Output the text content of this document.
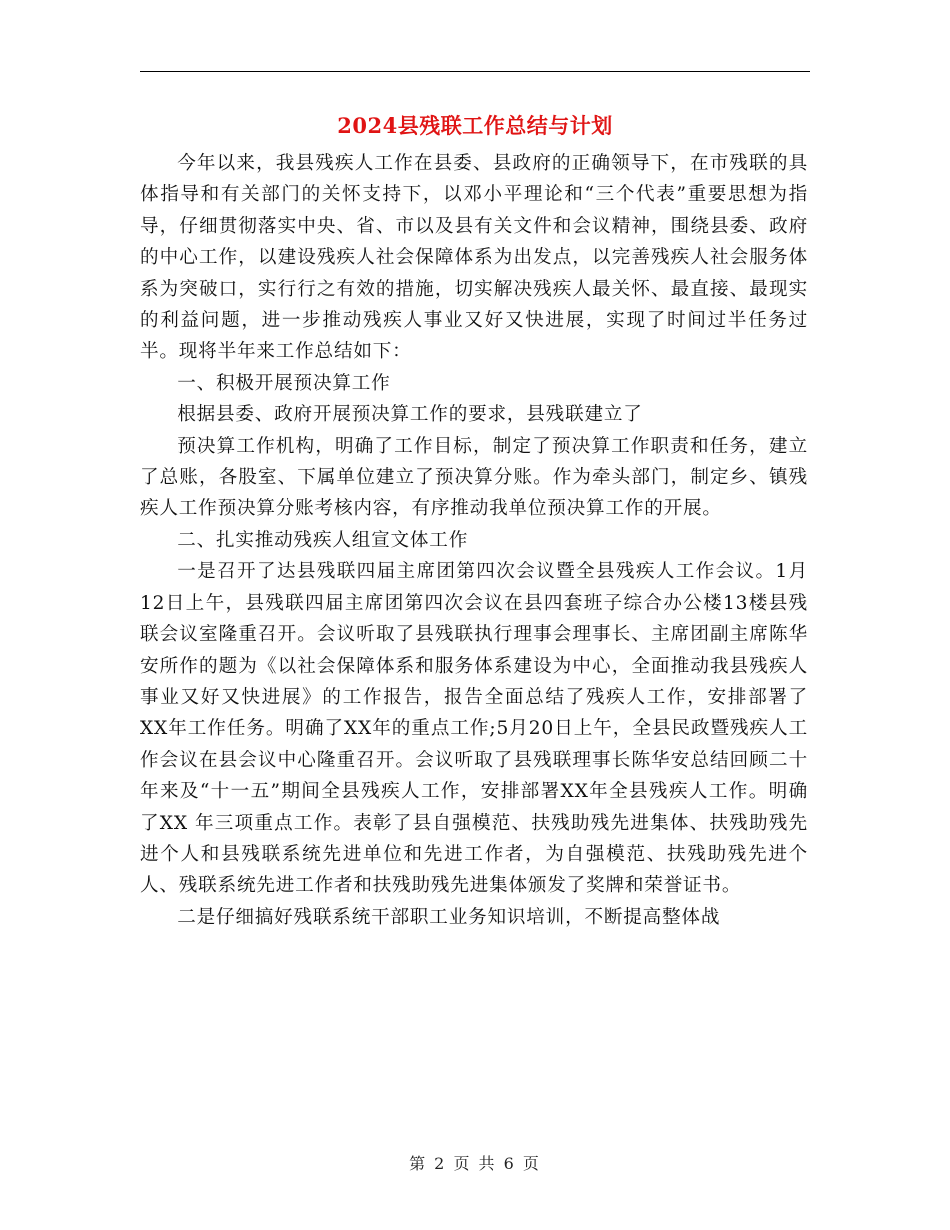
2024县残联工作总结与计划

今年以来，我县残疾人工作在县委、县政府的正确领导下，在市残联的具体指导和有关部门的关怀支持下，以邓小平理论和“三个代表”重要思想为指导，仔细贯彻落实中央、省、市以及县有关文件和会议精神，围绕县委、政府的中心工作，以建设残疾人社会保障体系为出发点，以完善残疾人社会服务体系为突破口，实行行之有效的措施，切实解决残疾人最关怀、最直接、最现实的利益问题，进一步推动残疾人事业又好又快进展，实现了时间过半任务过半。现将半年来工作总结如下：

一、积极开展预决算工作

根据县委、政府开展预决算工作的要求，县残联建立了

预决算工作机构，明确了工作目标，制定了预决算工作职责和任务，建立了总账，各股室、下属单位建立了预决算分账。作为牵头部门，制定乡、镇残疾人工作预决算分账考核内容，有序推动我单位预决算工作的开展。

二、扎实推动残疾人组宣文体工作

一是召开了达县残联四届主席团第四次会议暨全县残疾人工作会议。1月12日上午，县残联四届主席团第四次会议在县四套班子综合办公楼13楼县残联会议室隆重召开。会议听取了县残联执行理事会理事长、主席团副主席陈华安所作的题为《以社会保障体系和服务体系建设为中心，全面推动我县残疾人事业又好又快进展》的工作报告，报告全面总结了残疾人工作，安排部署了XX年工作任务。明确了XX年的重点工作;5月20日上午，全县民政暨残疾人工作会议在县会议中心隆重召开。会议听取了县残联理事长陈华安总结回顾二十年来及“十一五”期间全县残疾人工作，安排部署XX年全县残疾人工作。明确了XX 年三项重点工作。表彰了县自强模范、扶残助残先进集体、扶残助残先进个人和县残联系统先进单位和先进工作者，为自强模范、扶残助残先进个人、残联系统先进工作者和扶残助残先进集体颁发了奖牌和荣誉证书。

二是仔细搞好残联系统干部职工业务知识培训，不断提高整体战

第 2 页 共 6 页
